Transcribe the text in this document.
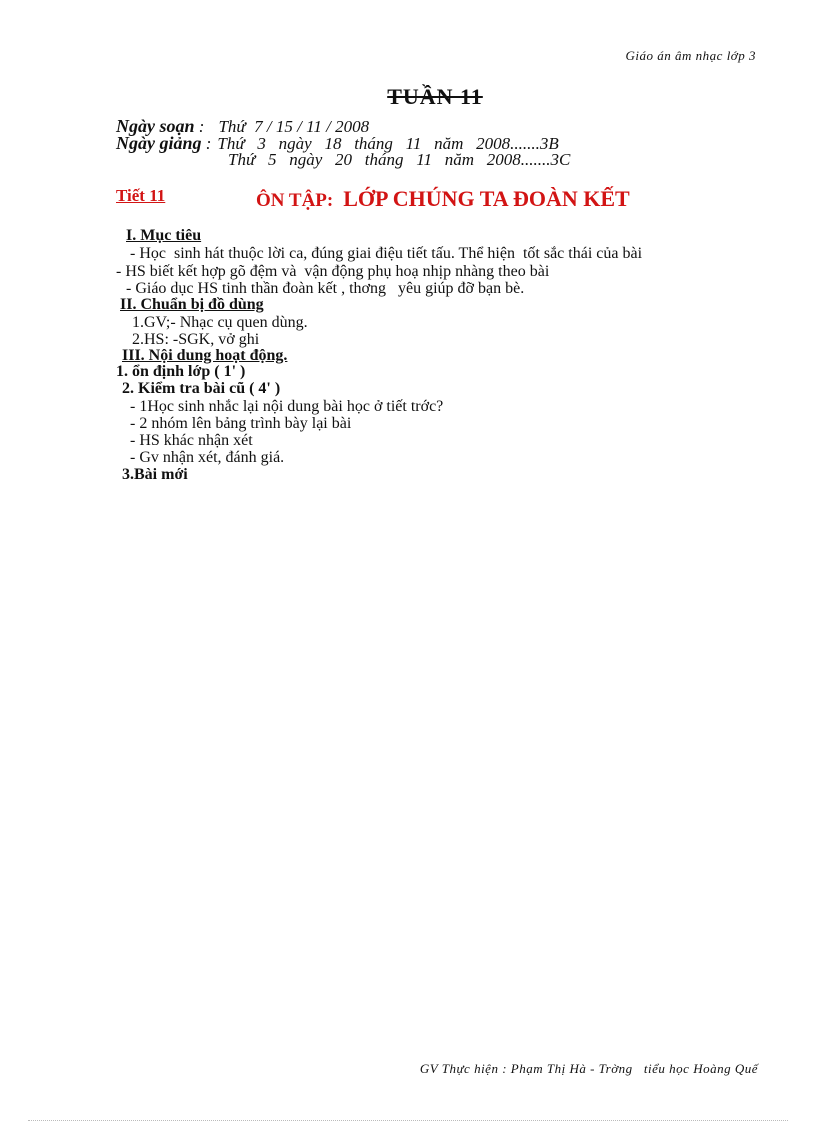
Giáo án âm nhạc lớp 3
TUẦN 11
Ngày soạn : Thứ  7 / 15 / 11 / 2008
Ngày giảng : Thứ   3   ngày   18   tháng   11   năm   2008.......3B
Thứ   5   ngày   20   tháng   11   năm   2008.......3C
Tiết 11	ÔN TẬP: LỚP CHÚNG TA ĐOÀN KẾT
I. Mục tiêu
- Học  sinh hát thuộc lời ca, đúng giai điệu tiết tấu. Thể hiện  tốt sắc thái của bài
- HS biết kết hợp gõ đệm và  vận động phụ hoạ nhịp nhàng theo bài
- Giáo dục HS tinh thần đoàn kết , thơng   yêu giúp đỡ bạn bè.
II. Chuẩn bị đồ dùng
1.GV;- Nhạc cụ quen dùng.
2.HS: -SGK, vở ghi
III. Nội dung hoạt động.
1. ổn định lớp ( 1' )
2. Kiểm tra bài cũ ( 4' )
- 1Học sinh nhắc lại nội dung bài học ở tiết trớc?
- 2 nhóm lên bảng trình bày lại bài
- HS khác nhận xét
- Gv nhận xét, đánh giá.
3.Bài mới
GV Thực hiện : Phạm Thị Hà - Trờng   tiểu học Hoàng Quế
